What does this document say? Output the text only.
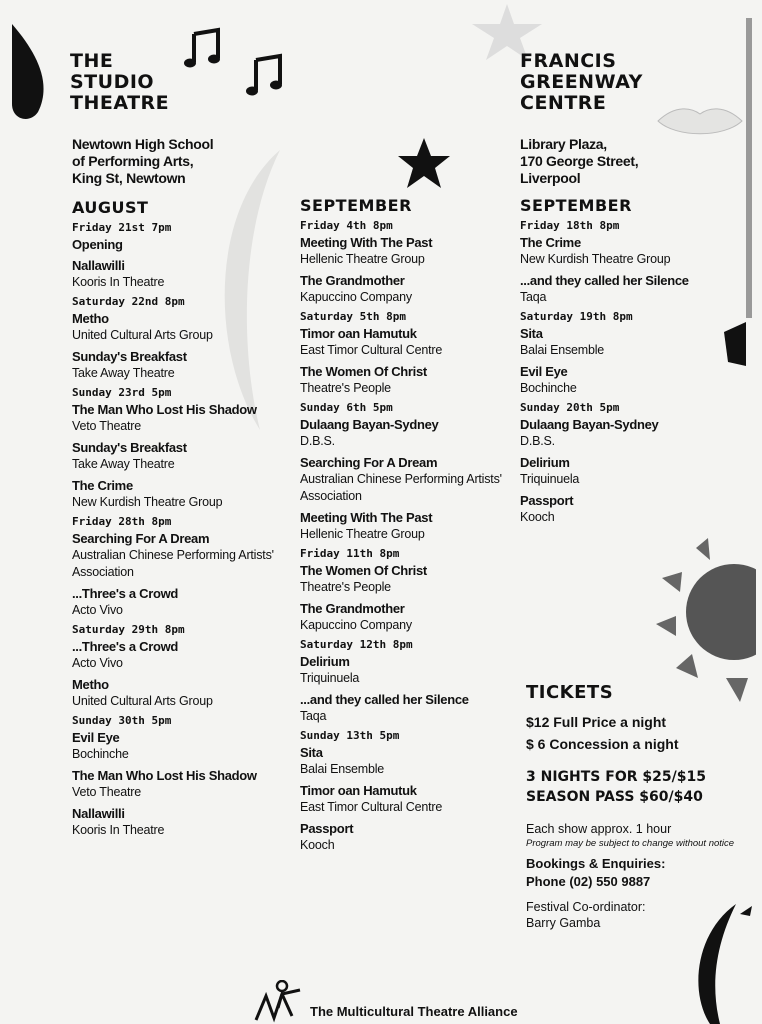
THE
STUDIO
THEATRE
Newtown High School
of Performing Arts,
King St, Newtown
FRANCIS
GREENWAY
CENTRE
Library Plaza,
170 George Street,
Liverpool
AUGUST
Friday 21st 7pm
Opening
Nallawilli
Kooris In Theatre
Saturday 22nd 8pm
Metho
United Cultural Arts Group
Sunday's Breakfast
Take Away Theatre
Sunday 23rd 5pm
The Man Who Lost His Shadow
Veto Theatre
Sunday's Breakfast
Take Away Theatre
The Crime
New Kurdish Theatre Group
Friday 28th 8pm
Searching For A Dream
Australian Chinese Performing Artists' Association
...Three's a Crowd
Acto Vivo
Saturday 29th 8pm
...Three's a Crowd
Acto Vivo
Metho
United Cultural Arts Group
Sunday 30th 5pm
Evil Eye
Bochinche
The Man Who Lost His Shadow
Veto Theatre
Nallawilli
Kooris In Theatre
SEPTEMBER
Friday 4th 8pm
Meeting With The Past
Hellenic Theatre Group
The Grandmother
Kapuccino Company
Saturday 5th 8pm
Timor oan Hamutuk
East Timor Cultural Centre
The Women Of Christ
Theatre's People
Sunday 6th 5pm
Dulaang Bayan-Sydney
D.B.S.
Searching For A Dream
Australian Chinese Performing Artists' Association
Meeting With The Past
Hellenic Theatre Group
Friday 11th 8pm
The Women Of Christ
Theatre's People
The Grandmother
Kapuccino Company
Saturday 12th 8pm
Delirium
Triquinuela
...and they called her Silence
Taqa
Sunday 13th 5pm
Sita
Balai Ensemble
Timor oan Hamutuk
East Timor Cultural Centre
Passport
Kooch
SEPTEMBER
Friday 18th 8pm
The Crime
New Kurdish Theatre Group
...and they called her Silence
Taqa
Saturday 19th 8pm
Sita
Balai Ensemble
Evil Eye
Bochinche
Sunday 20th 5pm
Dulaang Bayan-Sydney
D.B.S.
Delirium
Triquinuela
Passport
Kooch
TICKETS
$12 Full Price a night
$ 6 Concession a night
3 NIGHTS FOR $25/$15
SEASON PASS $60/$40
Each show approx. 1 hour
Program may be subject to change without notice
Bookings & Enquiries:
Phone (02) 550 9887
Festival Co-ordinator:
Barry Gamba
The Multicultural Theatre Alliance
